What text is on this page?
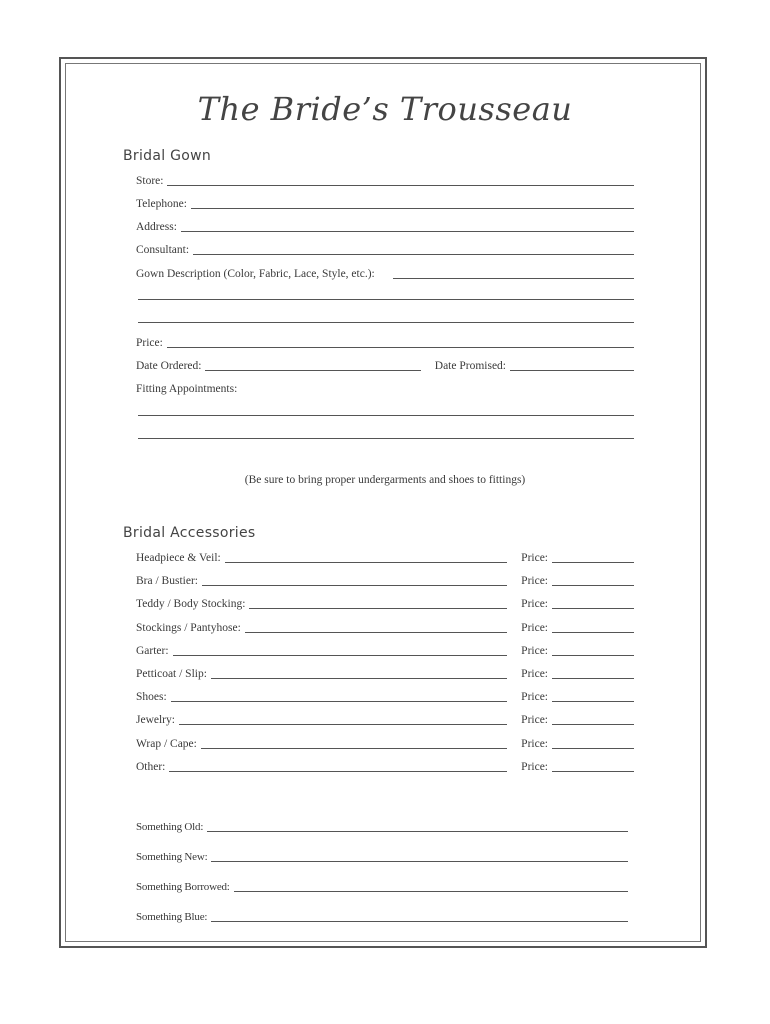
The Bride’s Trousseau
Bridal Gown
Store:
Telephone:
Address:
Consultant:
Gown Description (Color, Fabric, Lace, Style, etc.):
Price:
Date Ordered:	Date Promised:
Fitting Appointments:
(Be sure to bring proper undergarments and shoes to fittings)
Bridal Accessories
Headpiece & Veil:	Price:
Bra / Bustier:	Price:
Teddy / Body Stocking:	Price:
Stockings / Pantyhose:	Price:
Garter:	Price:
Petticoat / Slip:	Price:
Shoes:	Price:
Jewelry:	Price:
Wrap / Cape:	Price:
Other:	Price:
Something Old:
Something New:
Something Borrowed:
Something Blue:
